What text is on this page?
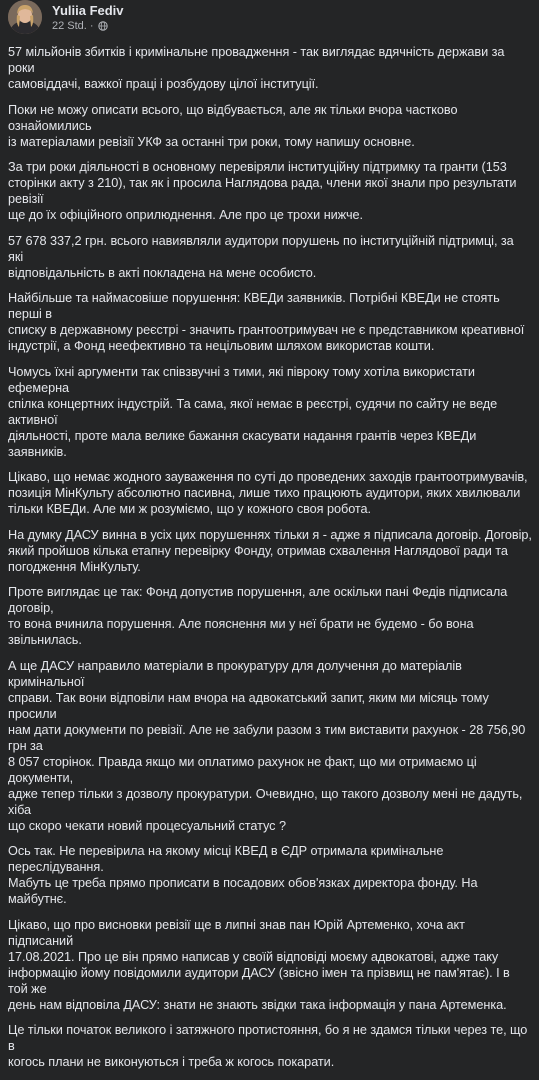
Yuliia Fediv
22 Std. ·

57 мільйонів збитків і кримінальне провадження - так виглядає вдячність держави за роки
самовіддачі, важкої праці і розбудову цілої інституції.

Поки не можу описати всього, що відбувається, але як тільки вчора частково ознайомились
із матеріалами ревізії УКФ за останні три роки, тому напишу основне.

За три роки діяльності в основному перевіряли інституційну підтримку та гранти (153
сторінки акту з 210), так як і просила Наглядова рада, члени якої знали про результати ревізії
ще до їх офіційного оприлюднення. Але про це трохи нижче.

57 678 337,2 грн. всього навиявляли аудитори порушень по інституційній підтримці, за які
відповідальність в акті покладена на мене особисто.

Найбільше та наймасовіше порушення: КВЕДи заявників. Потрібні КВЕДи не стоять перші в
списку в державному реєстрі - значить грантоотримувач не є представником креативної
індустрії, а Фонд неефективно та нецільовим шляхом використав кошти.

Чомусь їхні аргументи так співзвучні з тими, які півроку тому хотіла використати ефемерна
спілка концертних індустрій. Та сама, якої немає в реєстрі, судячи по сайту не веде активної
діяльності, проте мала велике бажання скасувати надання грантів через КВЕДи заявників.

Цікаво, що немає жодного зауваження по суті до проведених заходів грантоотримувачів,
позиція МінКульту абсолютно пасивна, лише тихо працюють аудитори, яких хвилювали
тільки КВЕДи. Але ми ж розуміємо, що у кожного своя робота.

На думку ДАСУ винна в усіх цих порушеннях тільки я - адже я підписала договір. Договір,
який пройшов кілька етапну перевірку Фонду, отримав схвалення Наглядової ради та
погодження МінКульту.

Проте виглядає це так: Фонд допустив порушення, але оскільки пані Федів підписала договір,
то вона вчинила порушення. Але пояснення ми у неї брати не будемо - бо вона звільнилась.

А ще ДАСУ направило матеріали в прокуратуру для долучення до матеріалів кримінальної
справи. Так вони відповіли нам вчора на адвокатський запит, яким ми місяць тому просили
нам дати документи по ревізії. Але не забули разом з тим виставити рахунок - 28 756,90 грн за
8 057 сторінок. Правда якщо ми оплатимо рахунок не факт, що ми отримаємо ці документи,
адже тепер тільки з дозволу прокуратури. Очевидно, що такого дозволу мені не дадуть, хіба
що скоро чекати новий процесуальний статус ?

Ось так. Не перевірила на якому місці КВЕД в ЄДР отримала кримінальне переслідування.
Мабуть це треба прямо прописати в посадових обов'язках директора фонду. На майбутнє.

Цікаво, що про висновки ревізії ще в липні знав пан Юрій Артеменко, хоча акт підписаний
17.08.2021. Про це він прямо написав у своїй відповіді моєму адвокатові, адже таку
інформацію йому повідомили аудитори ДАСУ (звісно імен та прізвищ не пам'ятає). І в той же
день нам відповіла ДАСУ: знати не знають звідки така інформація у пана Артеменка.

Це тільки початок великого і затяжного протистояння, бо я не здамся тільки через те, що в
когось плани не виконуються і треба ж когось покарати.
